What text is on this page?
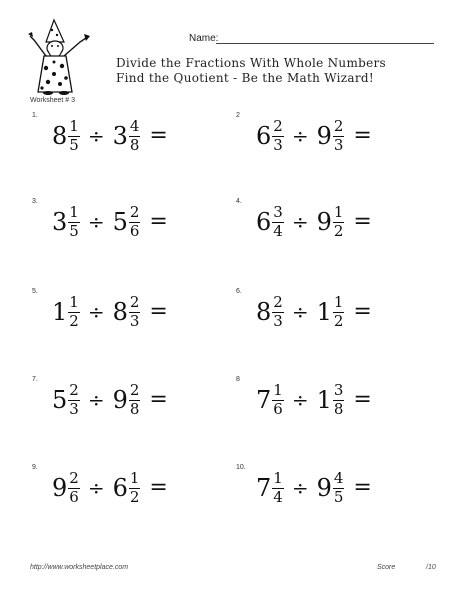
Name:
Divide the Fractions With Whole Numbers
Find the Quotient - Be the Math Wizard!
Worksheet # 3
1.
$8 \frac{1}{5} \div 3 \frac{4}{8}$ =
2
$6 \frac{2}{3} \div 9 \frac{2}{3}$ =
3.
$3 \frac{1}{5} \div 5 \frac{2}{6}$ =
4.
$6 \frac{3}{4} \div 9 \frac{1}{2}$ =
5.
$1 \frac{1}{2} \div 8 \frac{2}{3}$ =
6.
$8 \frac{2}{3} \div 1 \frac{1}{2}$ =
7.
$5 \frac{2}{3} \div 9 \frac{2}{8}$ =
8
$7 \frac{1}{6} \div 1 \frac{3}{8}$ =
9.
$9 \frac{2}{6} \div 6 \frac{1}{2}$ =
10.
$7 \frac{1}{4} \div 9 \frac{4}{5}$ =
http://www.worksheetplace.com	Score	/10
